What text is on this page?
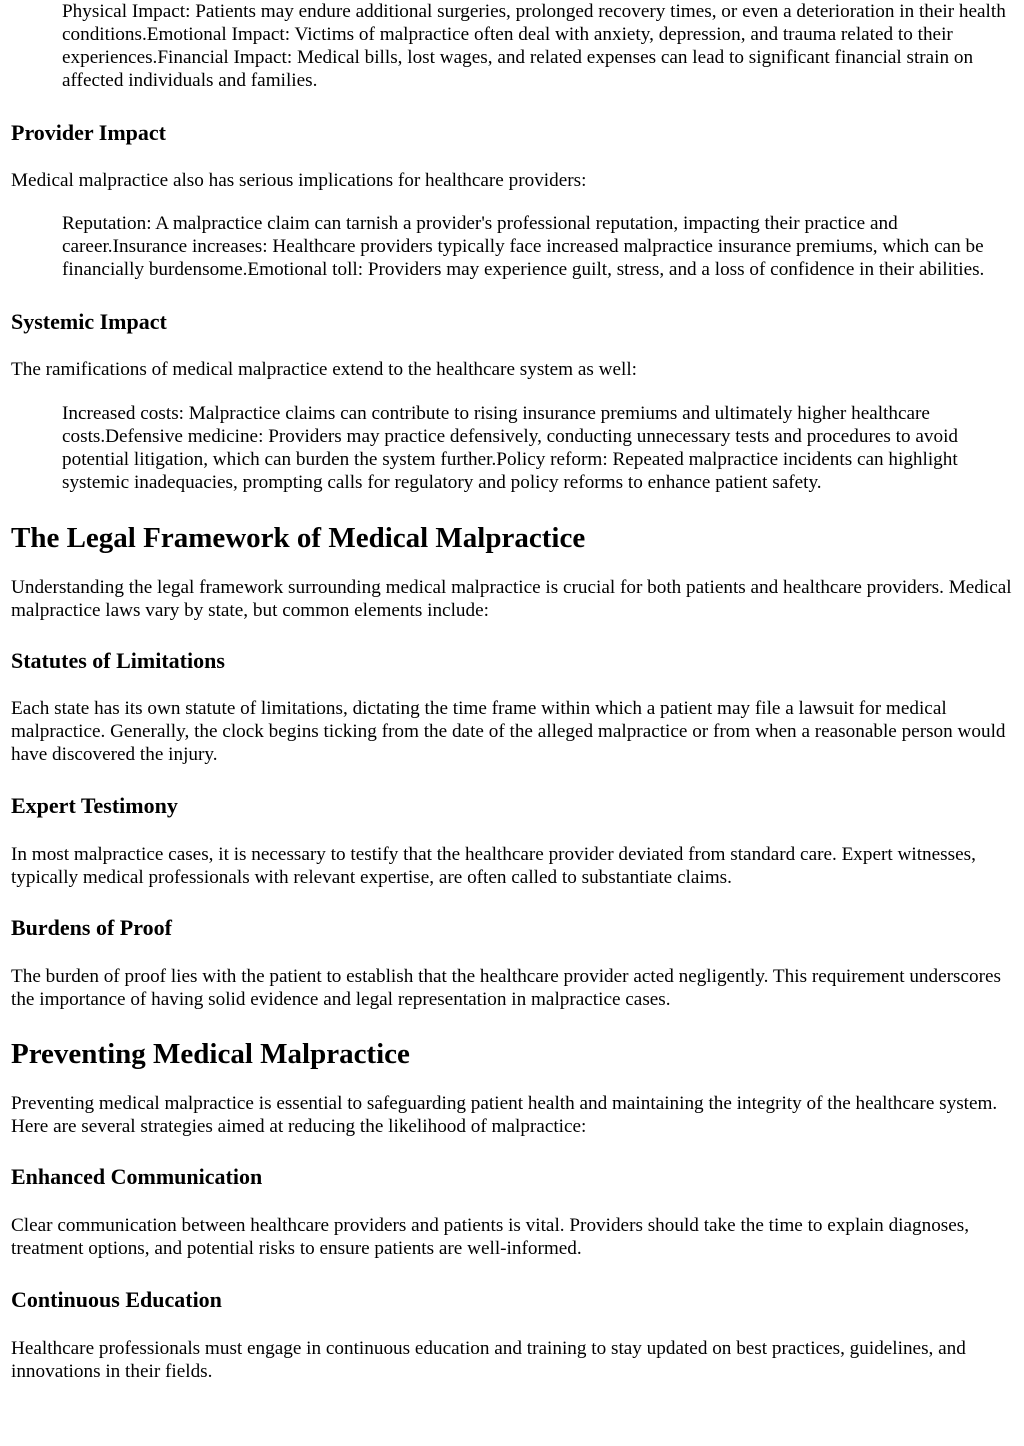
Physical Impact: Patients may endure additional surgeries, prolonged recovery times, or even a deterioration in their health conditions.Emotional Impact: Victims of malpractice often deal with anxiety, depression, and trauma related to their experiences.Financial Impact: Medical bills, lost wages, and related expenses can lead to significant financial strain on affected individuals and families.

Provider Impact

Medical malpractice also has serious implications for healthcare providers:

Reputation: A malpractice claim can tarnish a provider's professional reputation, impacting their practice and career.Insurance increases: Healthcare providers typically face increased malpractice insurance premiums, which can be financially burdensome.Emotional toll: Providers may experience guilt, stress, and a loss of confidence in their abilities.

Systemic Impact

The ramifications of medical malpractice extend to the healthcare system as well:

Increased costs: Malpractice claims can contribute to rising insurance premiums and ultimately higher healthcare costs.Defensive medicine: Providers may practice defensively, conducting unnecessary tests and procedures to avoid potential litigation, which can burden the system further.Policy reform: Repeated malpractice incidents can highlight systemic inadequacies, prompting calls for regulatory and policy reforms to enhance patient safety.

The Legal Framework of Medical Malpractice

Understanding the legal framework surrounding medical malpractice is crucial for both patients and healthcare providers. Medical malpractice laws vary by state, but common elements include:

Statutes of Limitations

Each state has its own statute of limitations, dictating the time frame within which a patient may file a lawsuit for medical malpractice. Generally, the clock begins ticking from the date of the alleged malpractice or from when a reasonable person would have discovered the injury.

Expert Testimony

In most malpractice cases, it is necessary to testify that the healthcare provider deviated from standard care. Expert witnesses, typically medical professionals with relevant expertise, are often called to substantiate claims.

Burdens of Proof

The burden of proof lies with the patient to establish that the healthcare provider acted negligently. This requirement underscores the importance of having solid evidence and legal representation in malpractice cases.

Preventing Medical Malpractice

Preventing medical malpractice is essential to safeguarding patient health and maintaining the integrity of the healthcare system. Here are several strategies aimed at reducing the likelihood of malpractice:

Enhanced Communication

Clear communication between healthcare providers and patients is vital. Providers should take the time to explain diagnoses, treatment options, and potential risks to ensure patients are well-informed.

Continuous Education

Healthcare professionals must engage in continuous education and training to stay updated on best practices, guidelines, and innovations in their fields.
